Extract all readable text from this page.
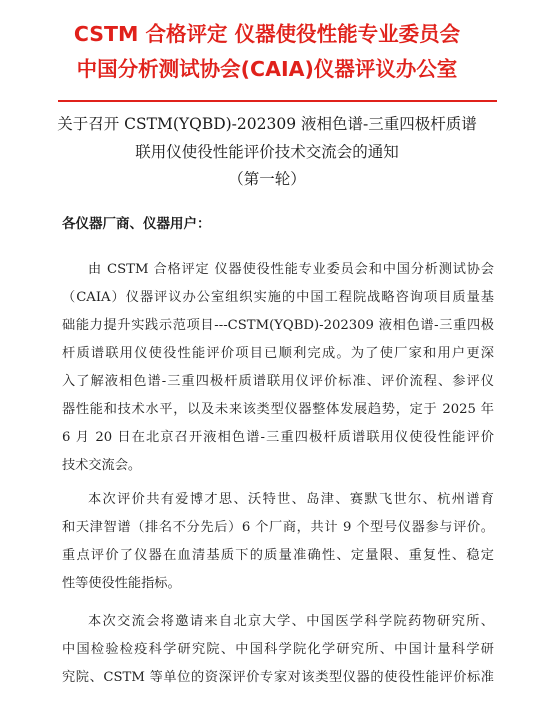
CSTM 合格评定 仪器使役性能专业委员会
中国分析测试协会(CAIA)仪器评议办公室
关于召开 CSTM(YQBD)-202309 液相色谱-三重四极杆质谱
联用仪使役性能评价技术交流会的通知
（第一轮）
各仪器厂商、仪器用户：
由 CSTM 合格评定 仪器使役性能专业委员会和中国分析测试协会
（CAIA）仪器评议办公室组织实施的中国工程院战略咨询项目质量基
础能力提升实践示范项目---CSTM(YQBD)-202309 液相色谱-三重四极
杆质谱联用仪使役性能评价项目已顺利完成。为了使厂家和用户更深
入了解液相色谱-三重四极杆质谱联用仪评价标准、评价流程、参评仪
器性能和技术水平，以及未来该类型仪器整体发展趋势，定于 2025 年
6 月 20 日在北京召开液相色谱-三重四极杆质谱联用仪使役性能评价
技术交流会。
本次评价共有爱博才思、沃特世、岛津、赛默飞世尔、杭州谱育
和天津智谱（排名不分先后）6 个厂商，共计 9 个型号仪器参与评价。
重点评价了仪器在血清基质下的质量准确性、定量限、重复性、稳定
性等使役性能指标。
本次交流会将邀请来自北京大学、中国医学科学院药物研究所、
中国检验检疫科学研究院、中国科学院化学研究所、中国计量科学研
究院、CSTM 等单位的资深评价专家对该类型仪器的使役性能评价标准
